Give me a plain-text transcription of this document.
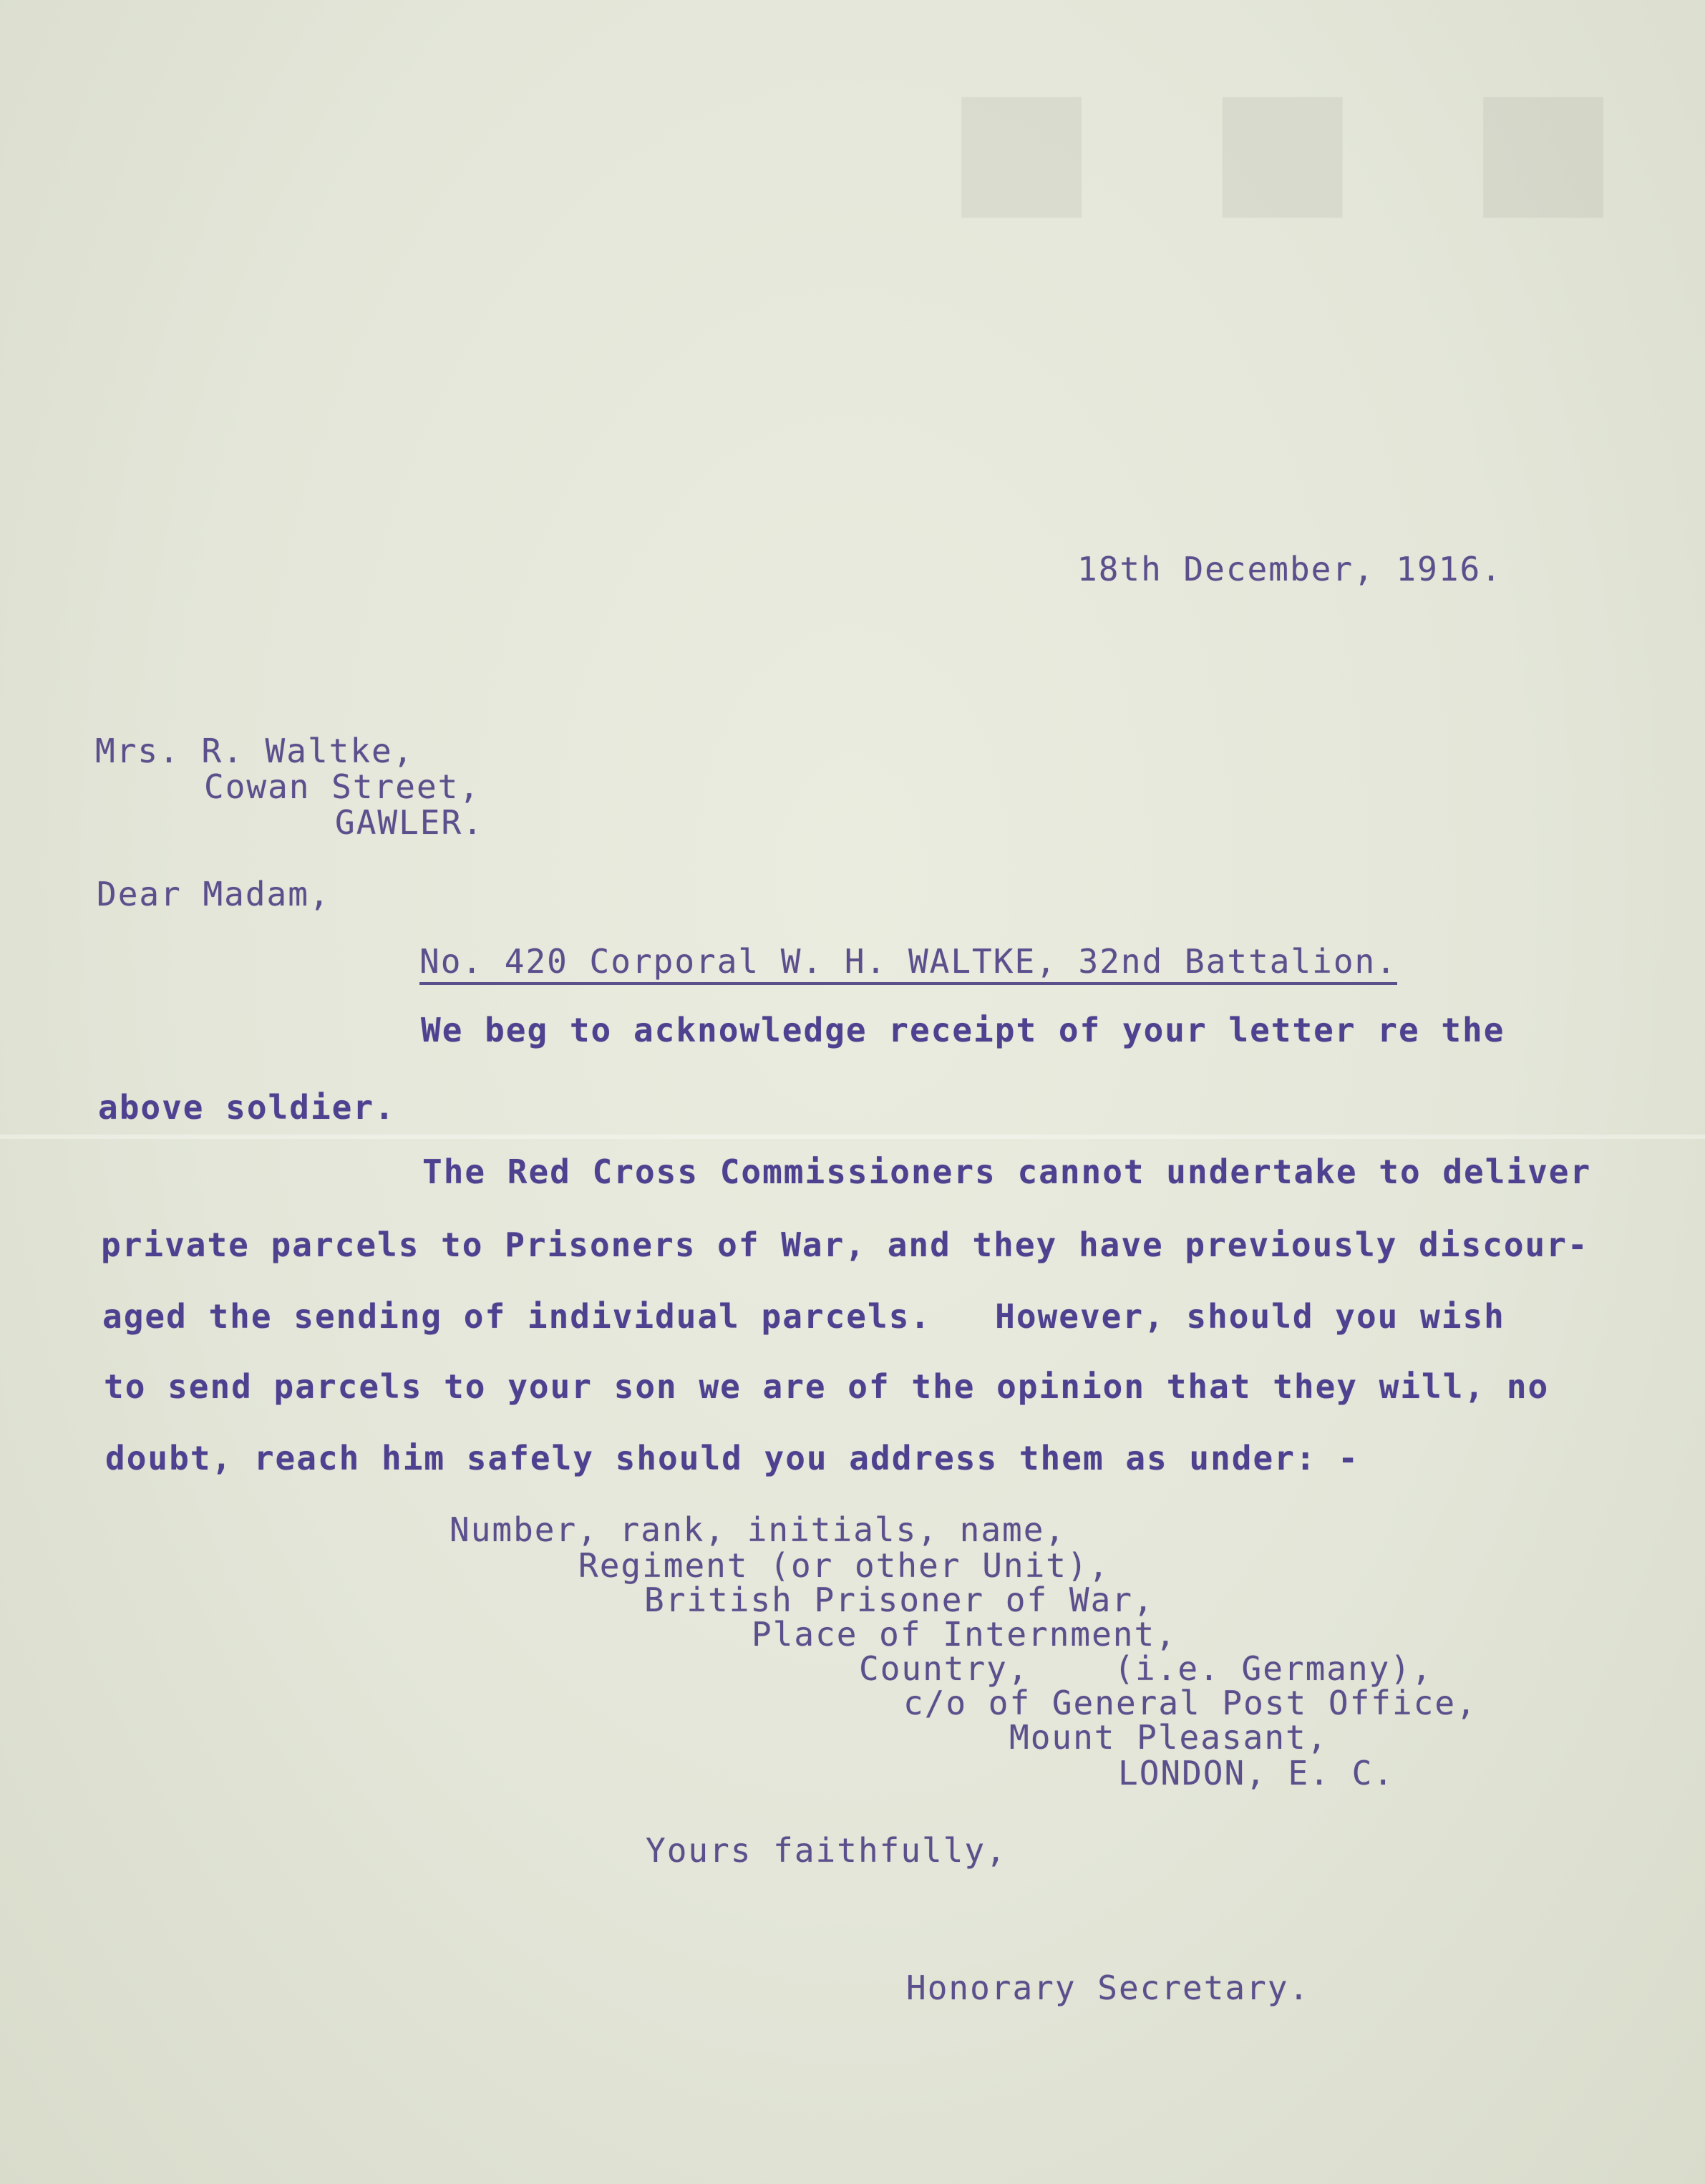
■ ■ ■
18th December, 1916.
Mrs. R. Waltke,
Cowan Street,
GAWLER.
Dear Madam,
No. 420 Corporal W. H. WALTKE, 32nd Battalion.
We beg to acknowledge receipt of your letter re the
above soldier.
The Red Cross Commissioners cannot undertake to deliver
private parcels to Prisoners of War, and they have previously discour-
aged the sending of individual parcels.   However, should you wish
to send parcels to your son we are of the opinion that they will, no
doubt, reach him safely should you address them as under: -
Number, rank, initials, name,
Regiment (or other Unit),
British Prisoner of War,
Place of Internment,
Country,    (i.e. Germany),
c/o of General Post Office,
Mount Pleasant,
LONDON, E. C.
Yours faithfully,
Honorary Secretary.
